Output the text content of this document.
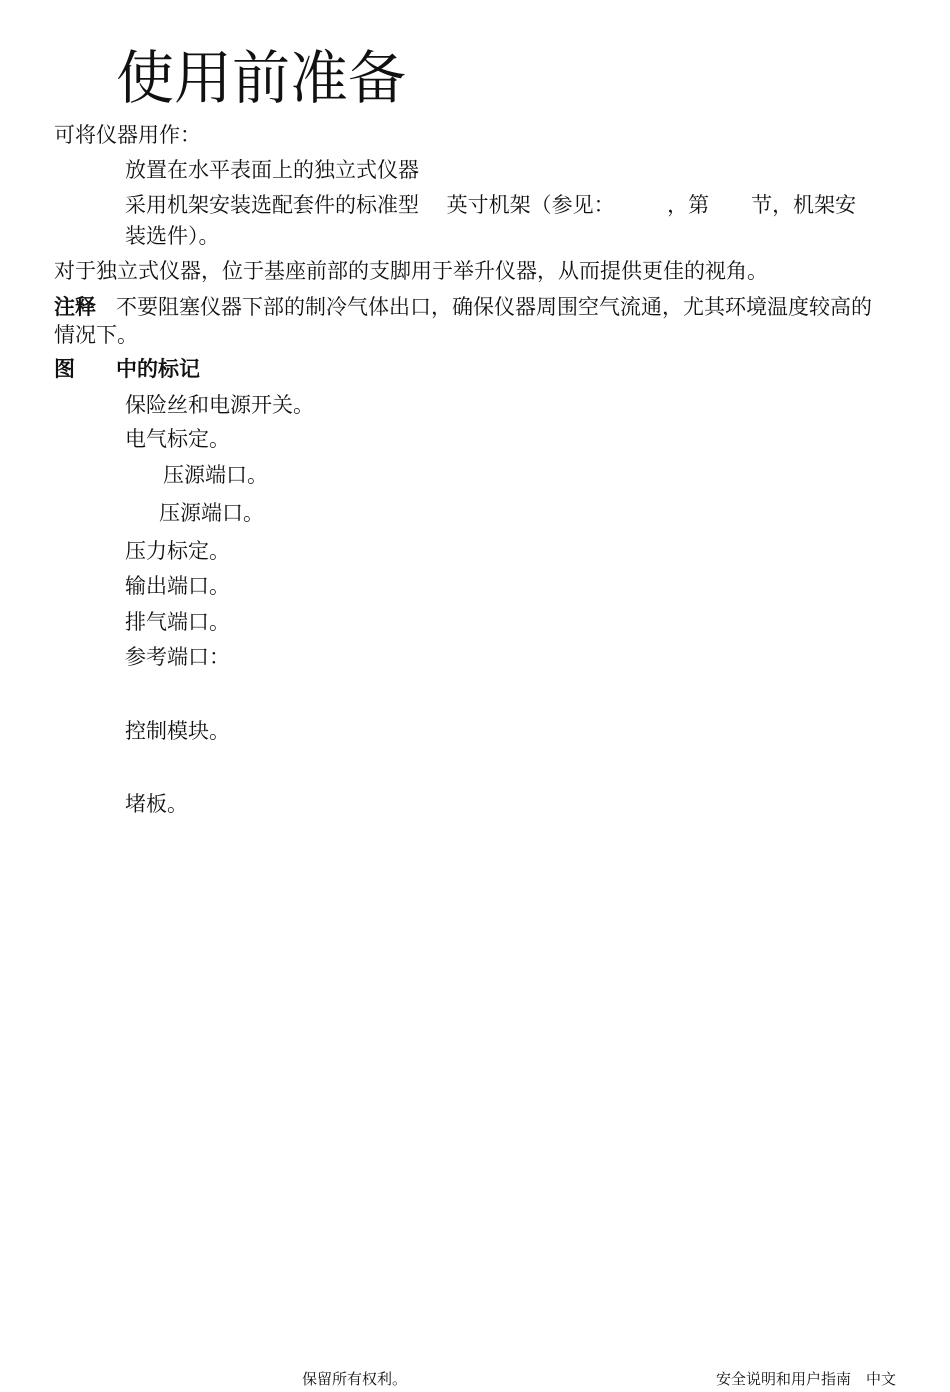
使用前准备
可将仪器用作：
放置在水平表面上的独立式仪器
采用机架安装选配套件的标准型　 英寸机架（参见：　　　，第　　节，机架安
装选件）。
对于独立式仪器，位于基座前部的支脚用于举升仪器，从而提供更佳的视角。
注释 不要阻塞仪器下部的制冷气体出口，确保仪器周围空气流通，尤其环境温度较高的
情况下。
图 中的标记
保险丝和电源开关。
电气标定。
压源端口。
压源端口。
压力标定。
输出端口。
排气端口。
参考端口：
控制模块。
堵板。
保留所有权利。	安全说明和用户指南　中文
